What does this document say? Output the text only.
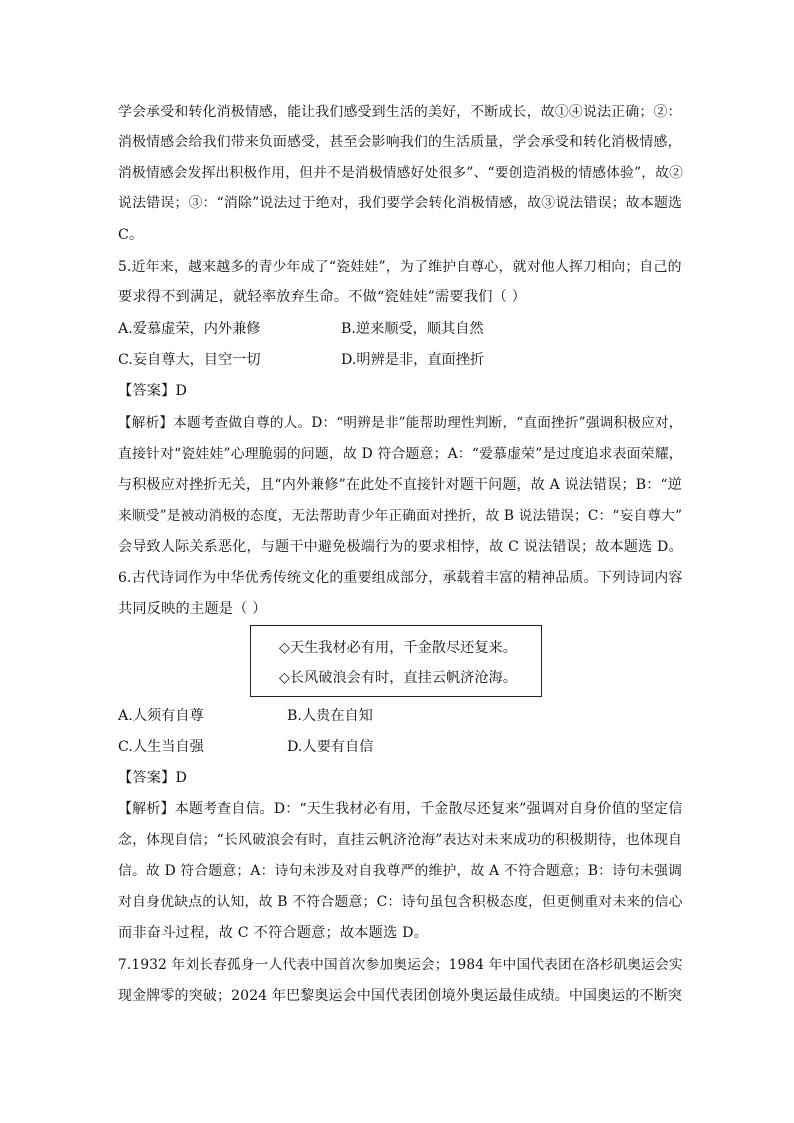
学会承受和转化消极情感，能让我们感受到生活的美好，不断成长，故①④说法正确；②：
消极情感会给我们带来负面感受，甚至会影响我们的生活质量，学会承受和转化消极情感，
消极情感会发挥出积极作用，但并不是消极情感好处很多”、“要创造消极的情感体验”，故②
说法错误；③：“消除”说法过于绝对，我们要学会转化消极情感，故③说法错误；故本题选
C。
5.近年来，越来越多的青少年成了“瓷娃娃”，为了维护自尊心，就对他人挥刀相向；自己的
要求得不到满足，就轻率放弃生命。不做“瓷娃娃”需要我们（ ）
A.爱慕虚荣，内外兼修	B.逆来顺受，顺其自然
C.妄自尊大，目空一切	D.明辨是非，直面挫折
【答案】D
【解析】本题考查做自尊的人。D：“明辨是非”能帮助理性判断，“直面挫折”强调积极应对，
直接针对“瓷娃娃”心理脆弱的问题，故 D 符合题意；A：“爱慕虚荣”是过度追求表面荣耀，
与积极应对挫折无关，且“内外兼修”在此处不直接针对题干问题，故 A 说法错误；B：“逆
来顺受”是被动消极的态度，无法帮助青少年正确面对挫折，故 B 说法错误；C：“妄自尊大”
会导致人际关系恶化，与题干中避免极端行为的要求相悖，故 C 说法错误；故本题选 D。
6.古代诗词作为中华优秀传统文化的重要组成部分，承载着丰富的精神品质。下列诗词内容
共同反映的主题是（ ）
◇天生我材必有用，千金散尽还复来。
◇长风破浪会有时，直挂云帆济沧海。
A.人须有自尊	B.人贵在自知
C.人生当自强	D.人要有自信
【答案】D
【解析】本题考查自信。D：“天生我材必有用，千金散尽还复来”强调对自身价值的坚定信
念，体现自信；“长风破浪会有时，直挂云帆济沧海”表达对未来成功的积极期待，也体现自
信。故 D 符合题意；A：诗句未涉及对自我尊严的维护，故 A 不符合题意；B：诗句未强调
对自身优缺点的认知，故 B 不符合题意；C：诗句虽包含积极态度，但更侧重对未来的信心
而非奋斗过程，故 C 不符合题意；故本题选 D。
7.1932 年刘长春孤身一人代表中国首次参加奥运会；1984 年中国代表团在洛杉矶奥运会实
现金牌零的突破；2024 年巴黎奥运会中国代表团创境外奥运最佳成绩。中国奥运的不断突
